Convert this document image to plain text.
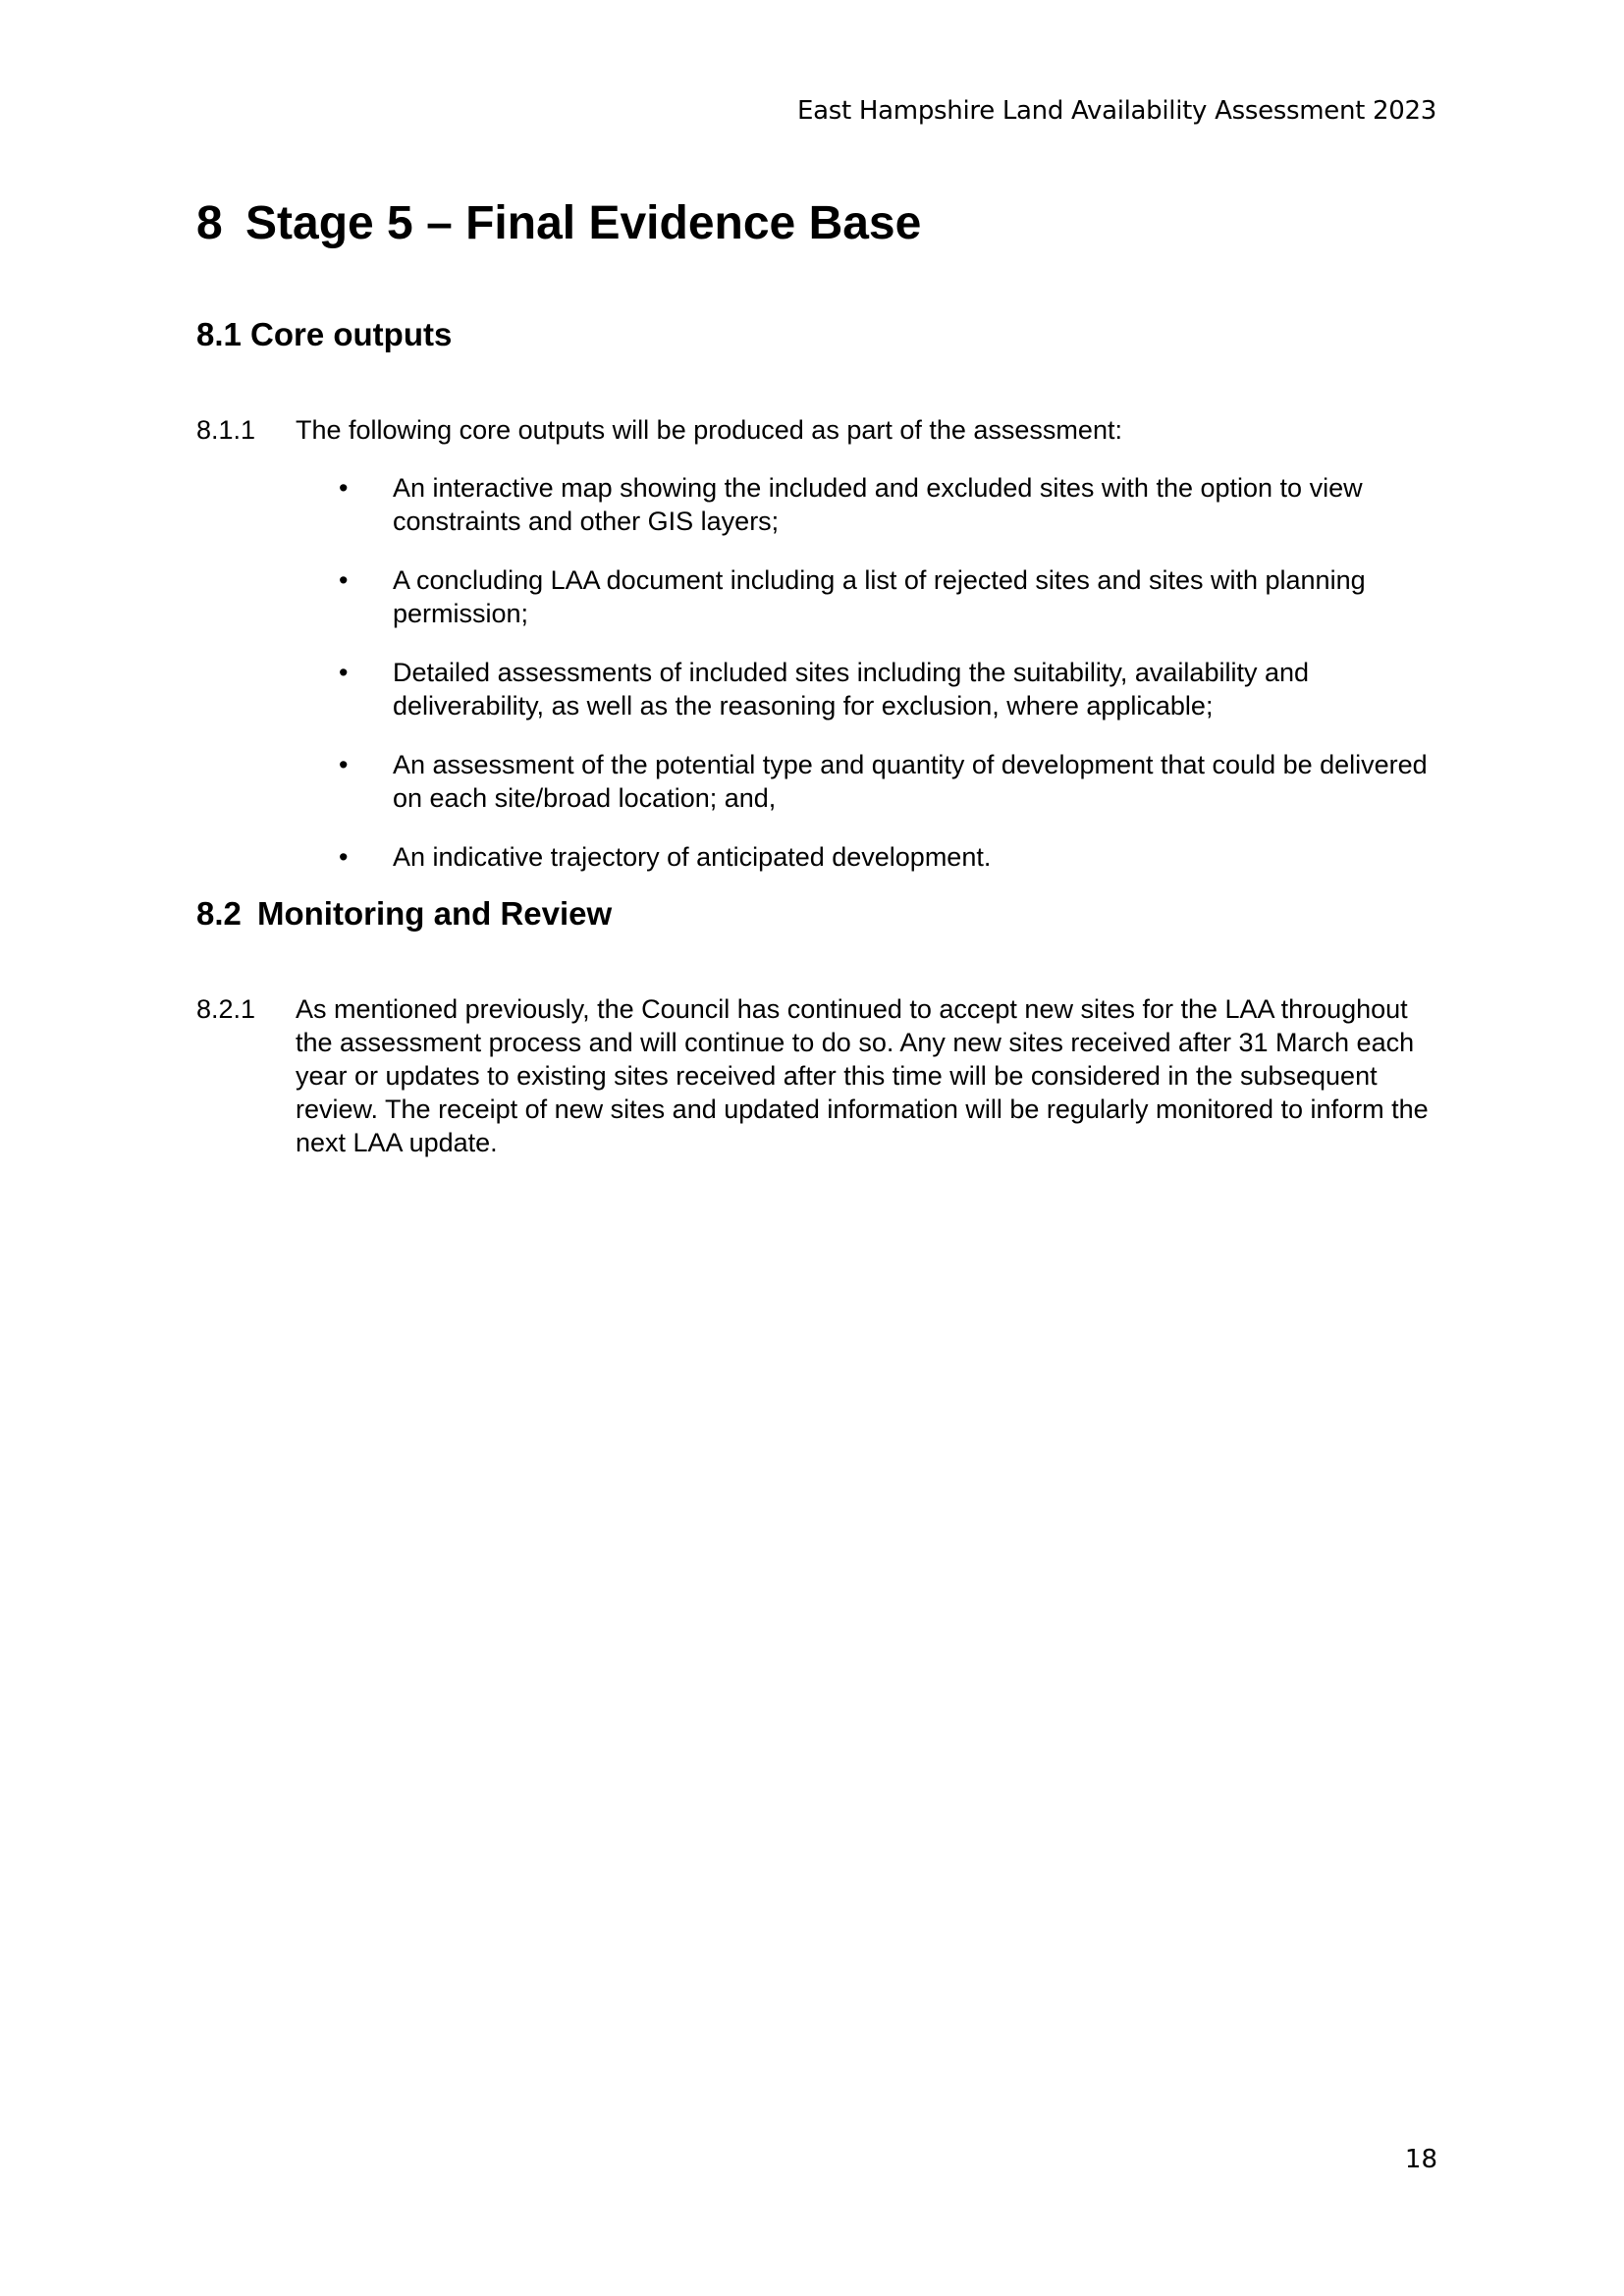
East Hampshire Land Availability Assessment 2023
8 Stage 5 – Final Evidence Base
8.1 Core outputs
8.1.1 The following core outputs will be produced as part of the assessment:
• An interactive map showing the included and excluded sites with the option to view constraints and other GIS layers;
• A concluding LAA document including a list of rejected sites and sites with planning permission;
• Detailed assessments of included sites including the suitability, availability and deliverability, as well as the reasoning for exclusion, where applicable;
• An assessment of the potential type and quantity of development that could be delivered on each site/broad location; and,
• An indicative trajectory of anticipated development.
8.2 Monitoring and Review
8.2.1 As mentioned previously, the Council has continued to accept new sites for the LAA throughout the assessment process and will continue to do so. Any new sites received after 31 March each year or updates to existing sites received after this time will be considered in the subsequent review. The receipt of new sites and updated information will be regularly monitored to inform the next LAA update.
18
